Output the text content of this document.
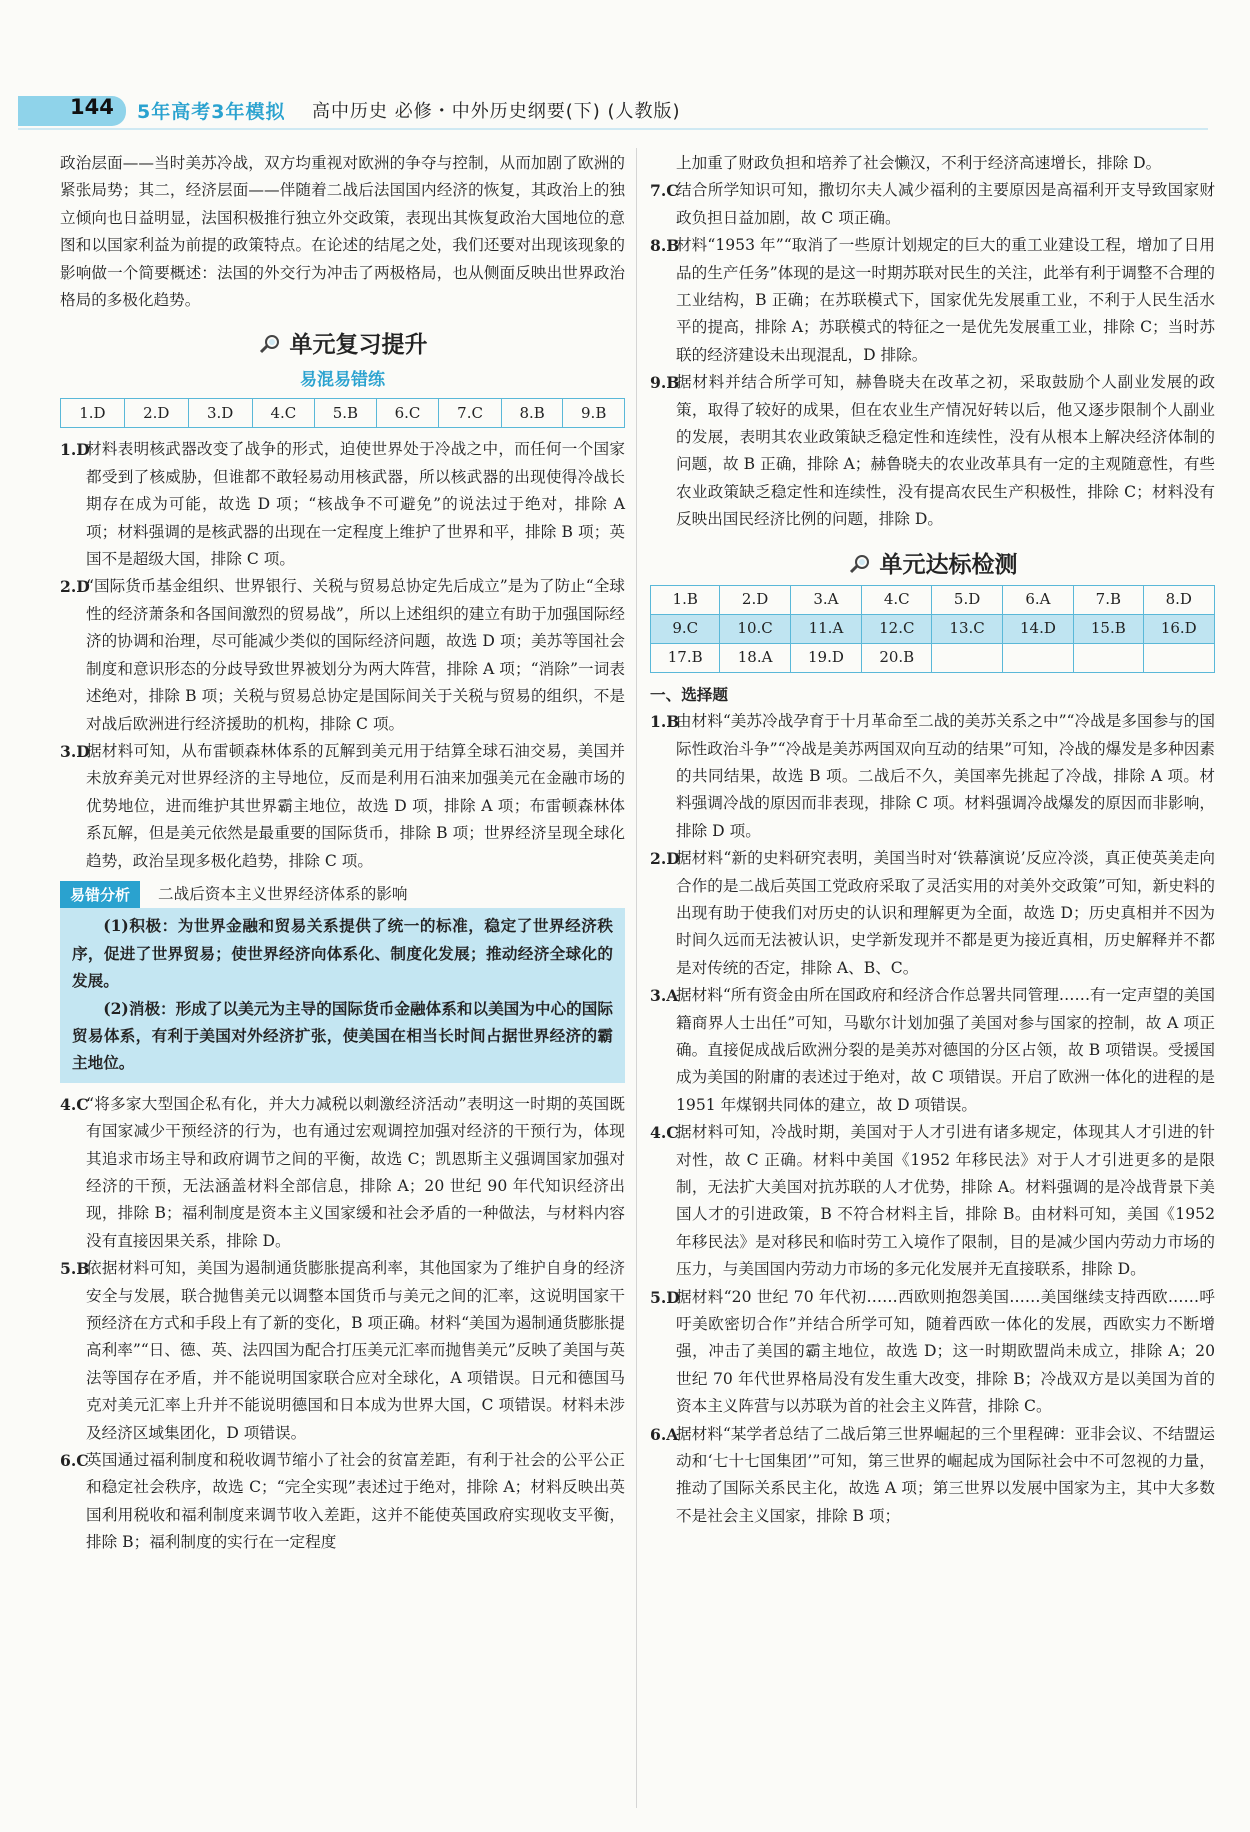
144 5年高考3年模拟 高中历史 必修・中外历史纲要(下) (人教版)

政治层面——当时美苏冷战，双方均重视对欧洲的争夺与控制，从而加剧了欧洲的紧张局势；其二，经济层面——伴随着二战后法国国内经济的恢复，其政治上的独立倾向也日益明显，法国积极推行独立外交政策，表现出其恢复政治大国地位的意图和以国家利益为前提的政策特点。在论述的结尾之处，我们还要对出现该现象的影响做一个简要概述：法国的外交行为冲击了两极格局，也从侧面反映出世界政治格局的多极化趋势。

单元复习提升
易混易错练
1.D	2.D	3.D	4.C	5.B	6.C	7.C	8.B	9.B

1.D
材料表明核武器改变了战争的形式，迫使世界处于冷战之中，而任何一个国家都受到了核威胁，但谁都不敢轻易动用核武器，所以核武器的出现使得冷战长期存在成为可能，故选 D 项；“核战争不可避免”的说法过于绝对，排除 A 项；材料强调的是核武器的出现在一定程度上维护了世界和平，排除 B 项；英国不是超级大国，排除 C 项。

2.D
“国际货币基金组织、世界银行、关税与贸易总协定先后成立”是为了防止“全球性的经济萧条和各国间激烈的贸易战”，所以上述组织的建立有助于加强国际经济的协调和治理，尽可能减少类似的国际经济问题，故选 D 项；美苏等国社会制度和意识形态的分歧导致世界被划分为两大阵营，排除 A 项；“消除”一词表述绝对，排除 B 项；关税与贸易总协定是国际间关于关税与贸易的组织，不是对战后欧洲进行经济援助的机构，排除 C 项。

3.D
据材料可知，从布雷顿森林体系的瓦解到美元用于结算全球石油交易，美国并未放弃美元对世界经济的主导地位，反而是利用石油来加强美元在金融市场的优势地位，进而维护其世界霸主地位，故选 D 项，排除 A 项；布雷顿森林体系瓦解，但是美元依然是最重要的国际货币，排除 B 项；世界经济呈现全球化趋势，政治呈现多极化趋势，排除 C 项。

易错分析	二战后资本主义世界经济体系的影响

(1)积极：为世界金融和贸易关系提供了统一的标准，稳定了世界经济秩序，促进了世界贸易；使世界经济向体系化、制度化发展；推动经济全球化的发展。

(2)消极：形成了以美元为主导的国际货币金融体系和以美国为中心的国际贸易体系，有利于美国对外经济扩张，使美国在相当长时间占据世界经济的霸主地位。

4.C
“将多家大型国企私有化，并大力减税以刺激经济活动”表明这一时期的英国既有国家减少干预经济的行为，也有通过宏观调控加强对经济的干预行为，体现其追求市场主导和政府调节之间的平衡，故选 C；凯恩斯主义强调国家加强对经济的干预，无法涵盖材料全部信息，排除 A；20 世纪 90 年代知识经济出现，排除 B；福利制度是资本主义国家缓和社会矛盾的一种做法，与材料内容没有直接因果关系，排除 D。

5.B
依据材料可知，美国为遏制通货膨胀提高利率，其他国家为了维护自身的经济安全与发展，联合抛售美元以调整本国货币与美元之间的汇率，这说明国家干预经济在方式和手段上有了新的变化，B 项正确。材料“美国为遏制通货膨胀提高利率”“日、德、英、法四国为配合打压美元汇率而抛售美元”反映了美国与英法等国存在矛盾，并不能说明国家联合应对全球化，A 项错误。日元和德国马克对美元汇率上升并不能说明德国和日本成为世界大国，C 项错误。材料未涉及经济区域集团化，D 项错误。

6.C
英国通过福利制度和税收调节缩小了社会的贫富差距，有利于社会的公平公正和稳定社会秩序，故选 C；“完全实现”表述过于绝对，排除 A；材料反映出英国利用税收和福利制度来调节收入差距，这并不能使英国政府实现收支平衡，排除 B；福利制度的实行在一定程度

上加重了财政负担和培养了社会懒汉，不利于经济高速增长，排除 D。

7.C
结合所学知识可知，撒切尔夫人减少福利的主要原因是高福利开支导致国家财政负担日益加剧，故 C 项正确。

8.B
材料“1953 年”“取消了一些原计划规定的巨大的重工业建设工程，增加了日用品的生产任务”体现的是这一时期苏联对民生的关注，此举有利于调整不合理的工业结构，B 正确；在苏联模式下，国家优先发展重工业，不利于人民生活水平的提高，排除 A；苏联模式的特征之一是优先发展重工业，排除 C；当时苏联的经济建设未出现混乱，D 排除。

9.B
据材料并结合所学可知，赫鲁晓夫在改革之初，采取鼓励个人副业发展的政策，取得了较好的成果，但在农业生产情况好转以后，他又逐步限制个人副业的发展，表明其农业政策缺乏稳定性和连续性，没有从根本上解决经济体制的问题，故 B 正确，排除 A；赫鲁晓夫的农业改革具有一定的主观随意性，有些农业政策缺乏稳定性和连续性，没有提高农民生产积极性，排除 C；材料没有反映出国民经济比例的问题，排除 D。

单元达标检测
1.B	2.D	3.A	4.C	5.D	6.A	7.B	8.D
9.C	10.C	11.A	12.C	13.C	14.D	15.B	16.D
17.B	18.A	19.D	20.B				

一、选择题

1.B
由材料“美苏冷战孕育于十月革命至二战的美苏关系之中”“冷战是多国参与的国际性政治斗争”“冷战是美苏两国双向互动的结果”可知，冷战的爆发是多种因素的共同结果，故选 B 项。二战后不久，美国率先挑起了冷战，排除 A 项。材料强调冷战的原因而非表现，排除 C 项。材料强调冷战爆发的原因而非影响，排除 D 项。

2.D
据材料“新的史料研究表明，美国当时对‘铁幕演说’反应冷淡，真正使英美走向合作的是二战后英国工党政府采取了灵活实用的对美外交政策”可知，新史料的出现有助于使我们对历史的认识和理解更为全面，故选 D；历史真相并不因为时间久远而无法被认识，史学新发现并不都是更为接近真相，历史解释并不都是对传统的否定，排除 A、B、C。

3.A
据材料“所有资金由所在国政府和经济合作总署共同管理……有一定声望的美国籍商界人士出任”可知，马歇尔计划加强了美国对参与国家的控制，故 A 项正确。直接促成战后欧洲分裂的是美苏对德国的分区占领，故 B 项错误。受援国成为美国的附庸的表述过于绝对，故 C 项错误。开启了欧洲一体化的进程的是 1951 年煤钢共同体的建立，故 D 项错误。

4.C
据材料可知，冷战时期，美国对于人才引进有诸多规定，体现其人才引进的针对性，故 C 正确。材料中美国《1952 年移民法》对于人才引进更多的是限制，无法扩大美国对抗苏联的人才优势，排除 A。材料强调的是冷战背景下美国人才的引进政策，B 不符合材料主旨，排除 B。由材料可知，美国《1952 年移民法》是对移民和临时劳工入境作了限制，目的是减少国内劳动力市场的压力，与美国国内劳动力市场的多元化发展并无直接联系，排除 D。

5.D
据材料“20 世纪 70 年代初……西欧则抱怨美国……美国继续支持西欧……呼吁美欧密切合作”并结合所学可知，随着西欧一体化的发展，西欧实力不断增强，冲击了美国的霸主地位，故选 D；这一时期欧盟尚未成立，排除 A；20 世纪 70 年代世界格局没有发生重大改变，排除 B；冷战双方是以美国为首的资本主义阵营与以苏联为首的社会主义阵营，排除 C。

6.A
据材料“某学者总结了二战后第三世界崛起的三个里程碑：亚非会议、不结盟运动和‘七十七国集团’”可知，第三世界的崛起成为国际社会中不可忽视的力量，推动了国际关系民主化，故选 A 项；第三世界以发展中国家为主，其中大多数不是社会主义国家，排除 B 项；
